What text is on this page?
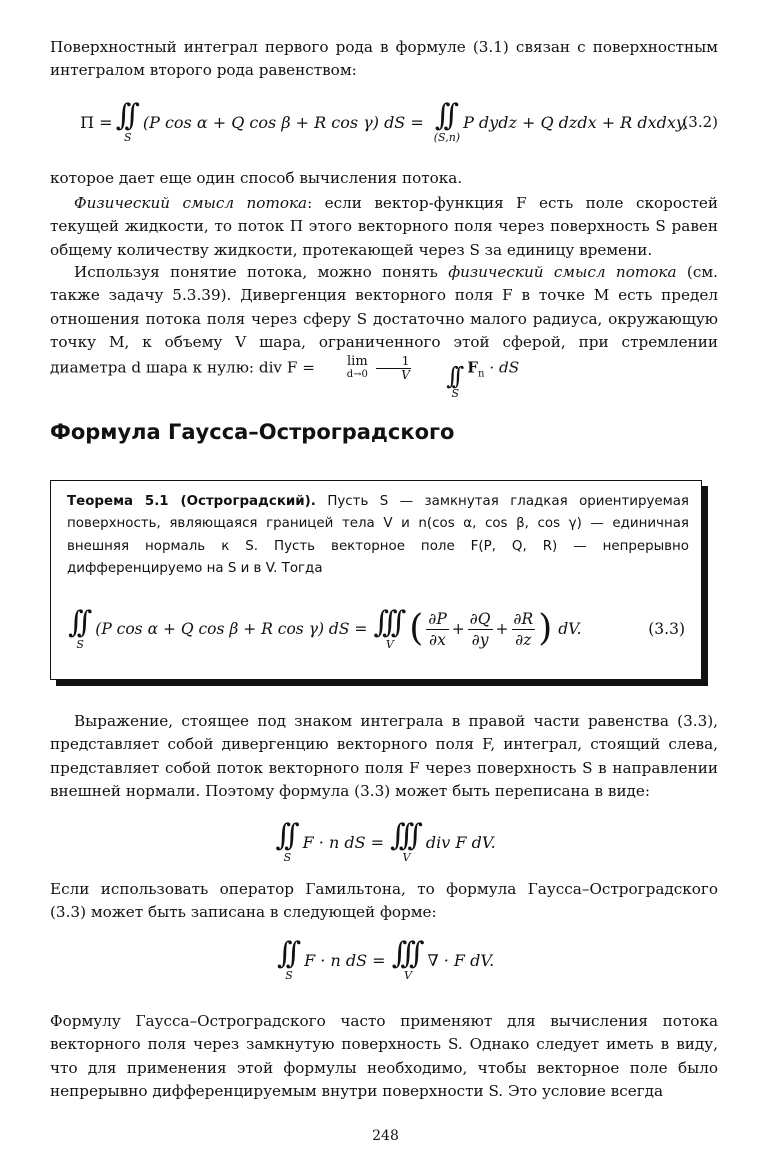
Поверхностный интеграл первого рода в формуле (3.1) связан с поверхностным интегралом второго рода равенством:
Π = ∫∫
S
(P cos α + Q cos β + R cos γ) dS = ∫∫
(S,n)
P dydz + Q dzdx + R dxdxy,
(3.2)
которое дает еще один способ вычисления потока.
Физический смысл потока: если вектор-функция F есть поле скоростей текущей жидкости, то поток Π этого векторного поля через поверхность S равен общему количеству жидкости, протекающей через S за единицу времени.
Используя понятие потока, можно понять физический смысл потока (см. также задачу 5.3.39). Дивергенция векторного поля F в точке M есть предел отношения потока поля через сферу S достаточно малого радиуса, окружающую точку M, к объему V шара, ограниченного этой сферой, при стремлении диаметра d шара к нулю: div F =	lim
d→0
$\frac{1}{V}$
	∫∫
S
$F_n$ · dS
Формула Гаусса–Остроградского
Теорема 5.1 (Остроградский). Пусть S — замкнутая гладкая ориентируемая поверхность, являющаяся границей тела V и n(cos α, cos β, cos γ) — единичная внешняя нормаль к S. Пусть векторное поле F(P, Q, R) — непрерывно дифференцируемо на S и в V. Тогда
∫∫
S
(P cos α + Q cos β + R cos γ) dS = ∫∫∫
V ( $\frac{\partial P}{\partial x} + \frac{\partial Q}{\partial y} + \frac{\partial R}{\partial z}$ ) dV.	(3.3)
Выражение, стоящее под знаком интеграла в правой части равенства (3.3), представляет собой дивергенцию векторного поля F, интеграл, стоящий слева, представляет собой поток векторного поля F через поверхность S в направлении внешней нормали. Поэтому формула (3.3) может быть переписана в виде:
∫∫
S
F · n dS = ∫∫∫
V
div F dV.
Если использовать оператор Гамильтона, то формула Гаусса–Остроградского (3.3) может быть записана в следующей форме:
∫∫
S
F · n dS = ∫∫∫
V
∇ · F dV.
Формулу Гаусса–Остроградского часто применяют для вычисления потока векторного поля через замкнутую поверхность S. Однако следует иметь в виду, что для применения этой формулы необходимо, чтобы векторное поле было непрерывно дифференцируемым внутри поверхности S. Это условие всегда
248
